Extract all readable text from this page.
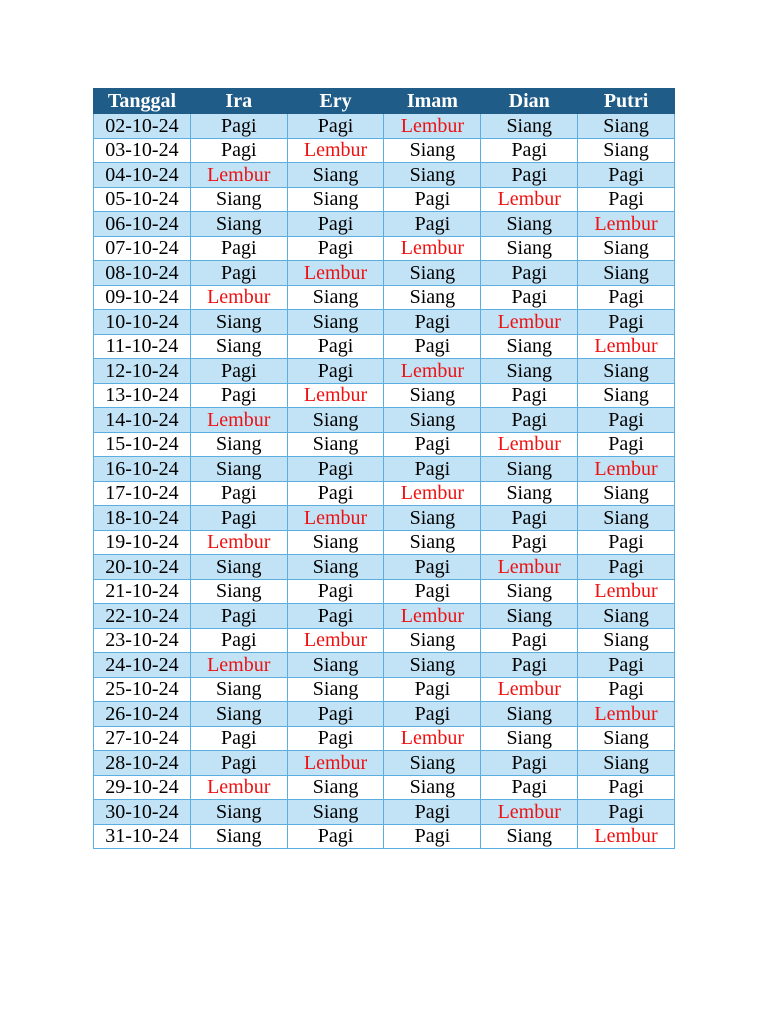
Tanggal	Ira	Ery	Imam	Dian	Putri
02-10-24	Pagi	Pagi	Lembur	Siang	Siang
03-10-24	Pagi	Lembur	Siang	Pagi	Siang
04-10-24	Lembur	Siang	Siang	Pagi	Pagi
05-10-24	Siang	Siang	Pagi	Lembur	Pagi
06-10-24	Siang	Pagi	Pagi	Siang	Lembur
07-10-24	Pagi	Pagi	Lembur	Siang	Siang
08-10-24	Pagi	Lembur	Siang	Pagi	Siang
09-10-24	Lembur	Siang	Siang	Pagi	Pagi
10-10-24	Siang	Siang	Pagi	Lembur	Pagi
11-10-24	Siang	Pagi	Pagi	Siang	Lembur
12-10-24	Pagi	Pagi	Lembur	Siang	Siang
13-10-24	Pagi	Lembur	Siang	Pagi	Siang
14-10-24	Lembur	Siang	Siang	Pagi	Pagi
15-10-24	Siang	Siang	Pagi	Lembur	Pagi
16-10-24	Siang	Pagi	Pagi	Siang	Lembur
17-10-24	Pagi	Pagi	Lembur	Siang	Siang
18-10-24	Pagi	Lembur	Siang	Pagi	Siang
19-10-24	Lembur	Siang	Siang	Pagi	Pagi
20-10-24	Siang	Siang	Pagi	Lembur	Pagi
21-10-24	Siang	Pagi	Pagi	Siang	Lembur
22-10-24	Pagi	Pagi	Lembur	Siang	Siang
23-10-24	Pagi	Lembur	Siang	Pagi	Siang
24-10-24	Lembur	Siang	Siang	Pagi	Pagi
25-10-24	Siang	Siang	Pagi	Lembur	Pagi
26-10-24	Siang	Pagi	Pagi	Siang	Lembur
27-10-24	Pagi	Pagi	Lembur	Siang	Siang
28-10-24	Pagi	Lembur	Siang	Pagi	Siang
29-10-24	Lembur	Siang	Siang	Pagi	Pagi
30-10-24	Siang	Siang	Pagi	Lembur	Pagi
31-10-24	Siang	Pagi	Pagi	Siang	Lembur
